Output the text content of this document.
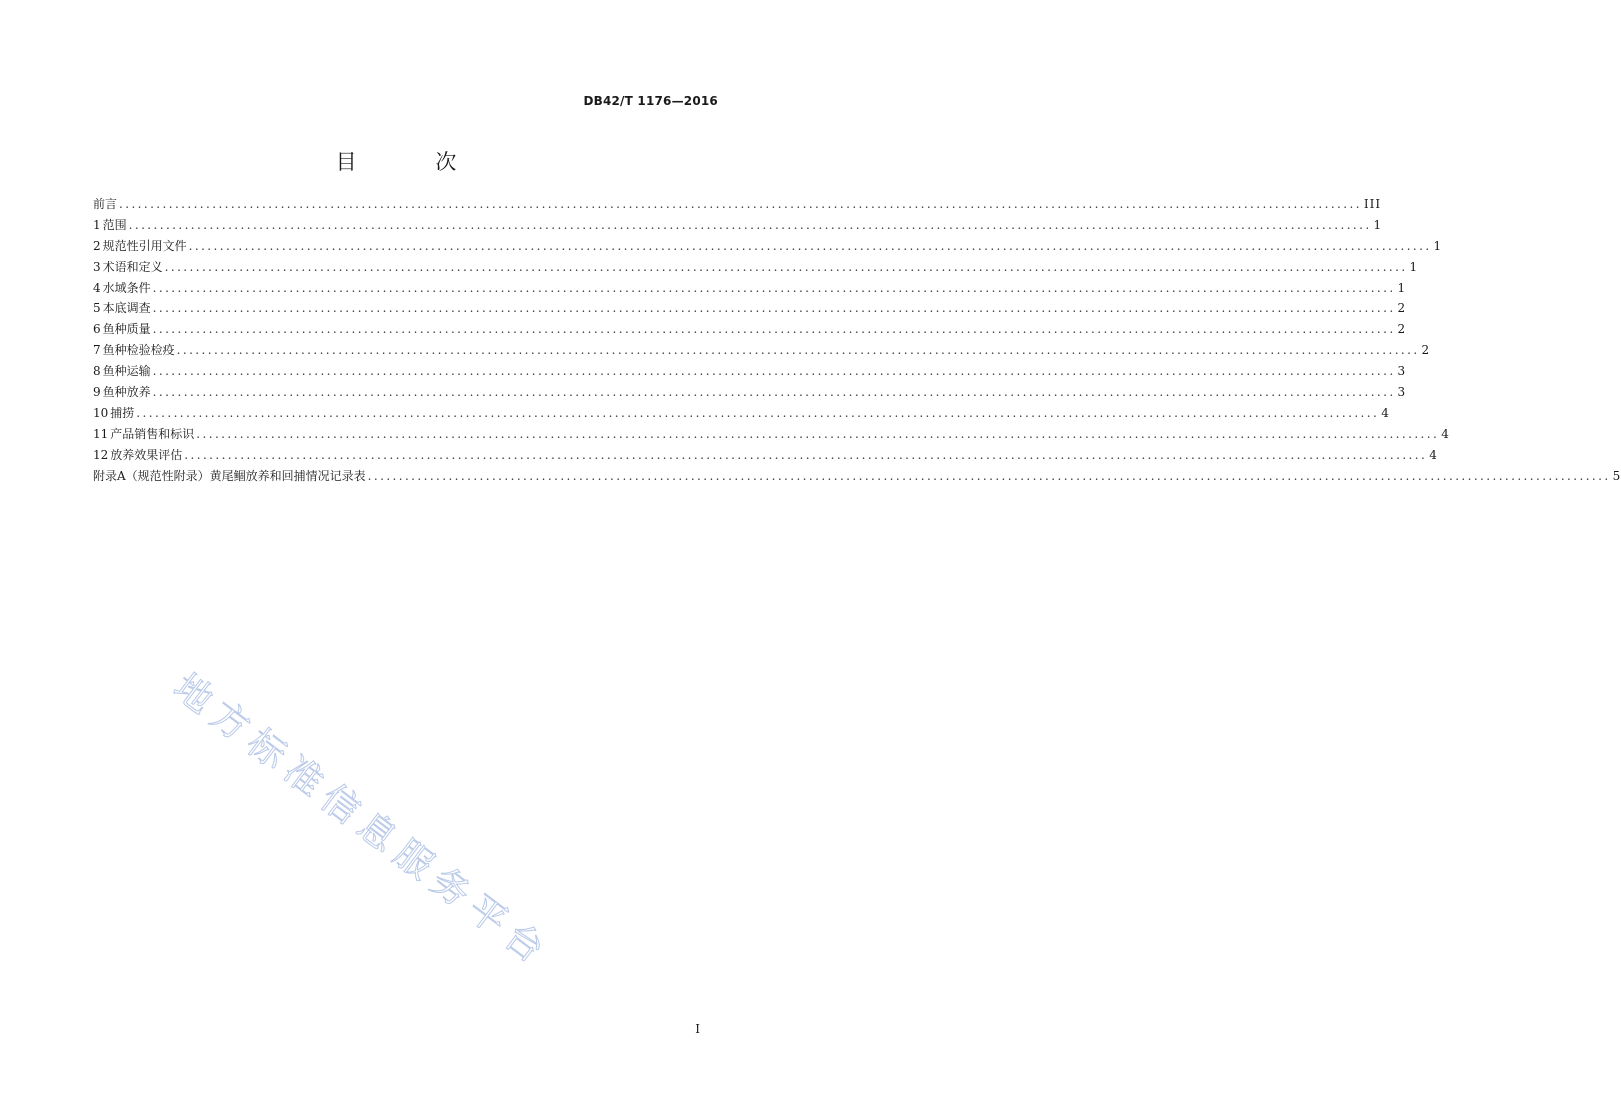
DB42/T 1176—2016
目 次
前言 ........................................................................................................................................................................................................ III
1 范围 ........................................................................................................................................................................................................ 1
2 规范性引用文件 ........................................................................................................................................................................................................ 1
3 术语和定义 ........................................................................................................................................................................................................ 1
4 水域条件 ........................................................................................................................................................................................................ 1
5 本底调查 ........................................................................................................................................................................................................ 2
6 鱼种质量 ........................................................................................................................................................................................................ 2
7 鱼种检验检疫 ........................................................................................................................................................................................................ 2
8 鱼种运输 ........................................................................................................................................................................................................ 3
9 鱼种放养 ........................................................................................................................................................................................................ 3
10 捕捞 ........................................................................................................................................................................................................ 4
11 产品销售和标识 ........................................................................................................................................................................................................ 4
12 放养效果评估 ........................................................................................................................................................................................................ 4
附录A（规范性附录）黄尾鲴放养和回捕情况记录表 ........................................................................................................................................................................................................ 5
地方标准信息服务平台
I
